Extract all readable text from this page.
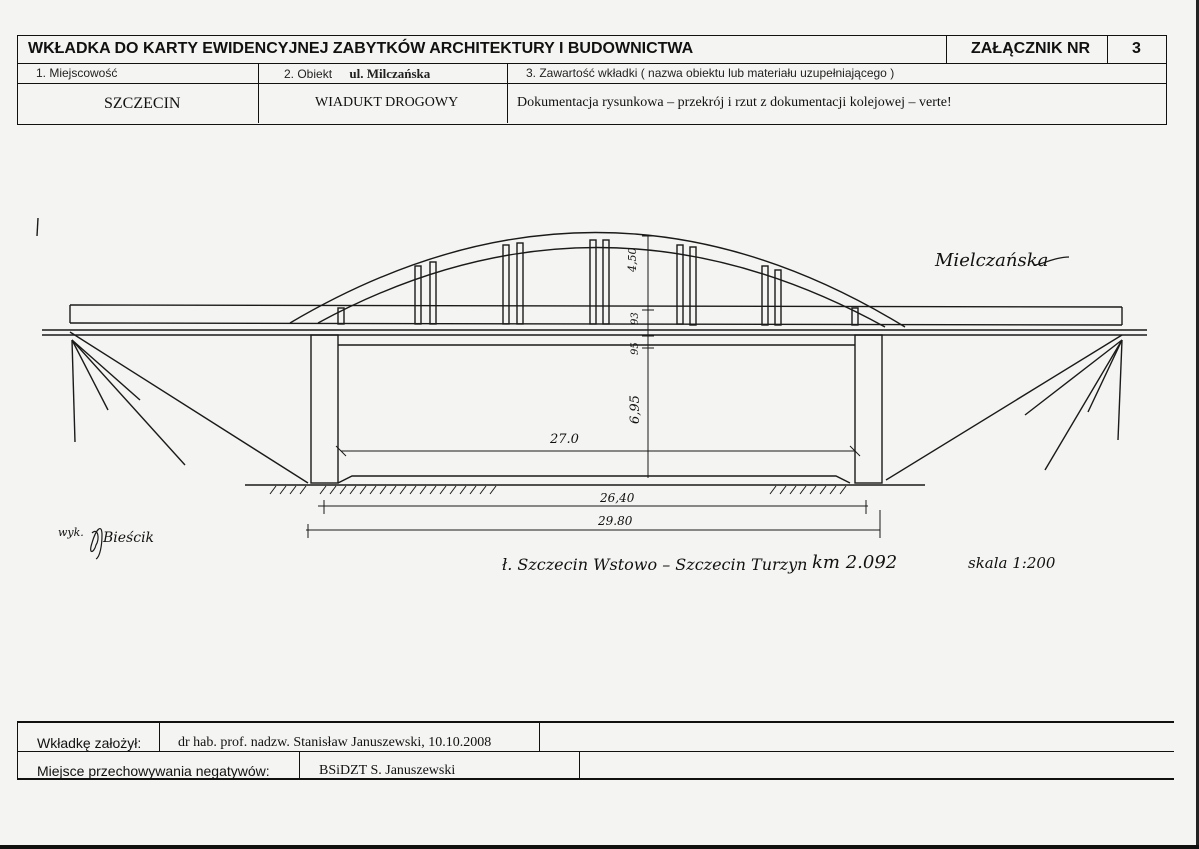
WKŁADKA DO KARTY EWIDENCYJNEJ ZABYTKÓW ARCHITEKTURY I BUDOWNICTWA	ZAŁĄCZNIK NR	3
1. Miejscowość	2. Obiekt ul. Milczańska	3. Zawartość wkładki ( nazwa obiektu lub materiału uzupełniającego )
SZCZECIN	WIADUKT DROGOWY	Dokumentacja rysunkowa – przekrój i rzut z dokumentacji kolejowej – verte!
Mielczańska
4,50
93
95
6,95
27.0
26,40
29.80
ł. Szczecin Wstowo – Szczecin Turzyn km 2.092	skala 1:200
wyk. Bieścik
Wkładkę założył:	dr hab. prof. nadzw. Stanisław Januszewski, 10.10.2008
Miejsce przechowywania negatywów:	BSiDZT S. Januszewski
